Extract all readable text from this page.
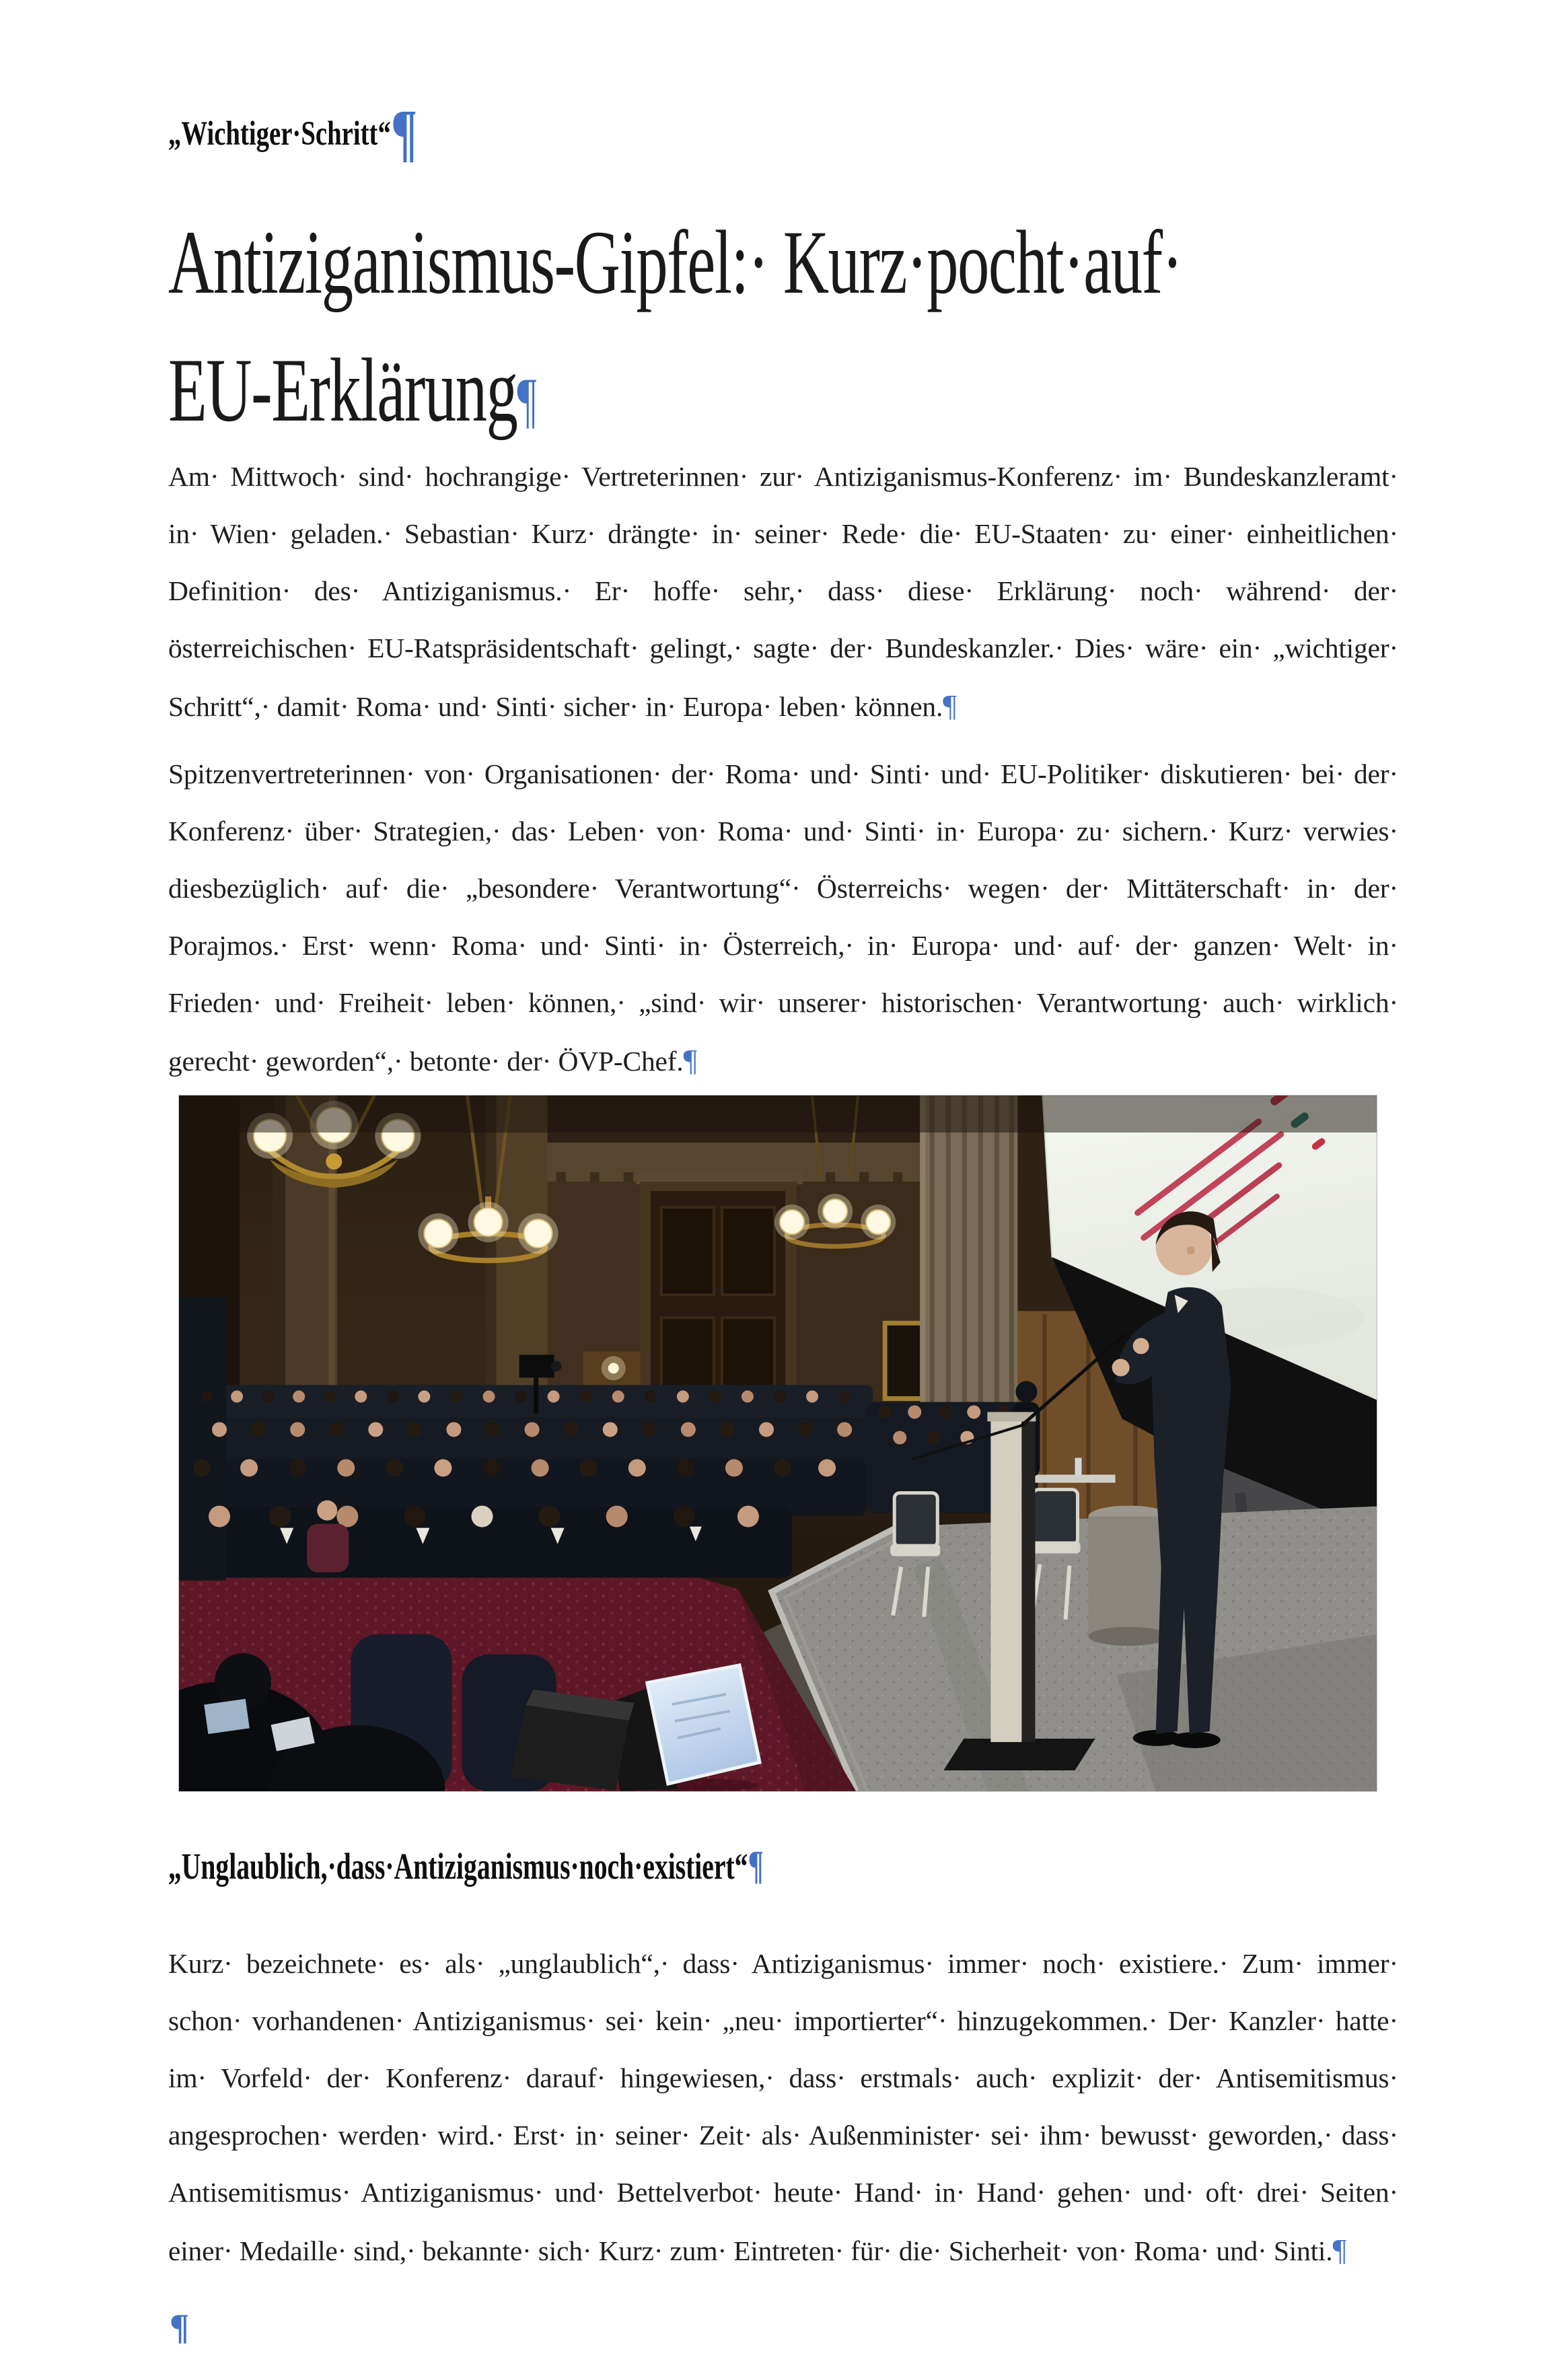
„Wichtiger·Schritt“¶
Antiziganismus-Gipfel:· Kurz·pocht·auf·
EU-Erklärung¶

Am· Mittwoch· sind· hochrangige· Vertreterinnen· zur· Antiziganismus-Konferenz· im· Bundeskanzleramt· in· Wien· geladen.· Sebastian· Kurz· drängte· in· seiner· Rede· die· EU-Staaten· zu· einer· einheitlichen· Definition· des· Antiziganismus.· Er· hoffe· sehr,· dass· diese· Erklärung· noch· während· der· österreichischen· EU-Ratspräsidentschaft· gelingt,· sagte· der· Bundeskanzler.· Dies· wäre· ein· „wichtiger· Schritt“,· damit· Roma· und· Sinti· sicher· in· Europa· leben· können.¶

Spitzenvertreterinnen· von· Organisationen· der· Roma· und· Sinti· und· EU-Politiker· diskutieren· bei· der· Konferenz· über· Strategien,· das· Leben· von· Roma· und· Sinti· in· Europa· zu· sichern.· Kurz· verwies· diesbezüglich· auf· die· „besondere· Verantwortung“· Österreichs· wegen· der· Mittäterschaft· in· der· Porajmos.· Erst· wenn· Roma· und· Sinti· in· Österreich,· in· Europa· und· auf· der· ganzen· Welt· in· Frieden· und· Freiheit· leben· können,· „sind· wir· unserer· historischen· Verantwortung· auch· wirklich· gerecht· geworden“,· betonte· der· ÖVP-Chef.¶

„Unglaublich,·dass·Antiziganismus·noch·existiert“¶

Kurz· bezeichnete· es· als· „unglaublich“,· dass· Antiziganismus· immer· noch· existiere.· Zum· immer· schon· vorhandenen· Antiziganismus· sei· kein· „neu· importierter“· hinzugekommen.· Der· Kanzler· hatte· im· Vorfeld· der· Konferenz· darauf· hingewiesen,· dass· erstmals· auch· explizit· der· Antisemitismus· angesprochen· werden· wird.· Erst· in· seiner· Zeit· als· Außenminister· sei· ihm· bewusst· geworden,· dass· Antisemitismus· Antiziganismus· und· Bettelverbot· heute· Hand· in· Hand· gehen· und· oft· drei· Seiten· einer· Medaille· sind,· bekannte· sich· Kurz· zum· Eintreten· für· die· Sicherheit· von· Roma· und· Sinti.¶

¶
